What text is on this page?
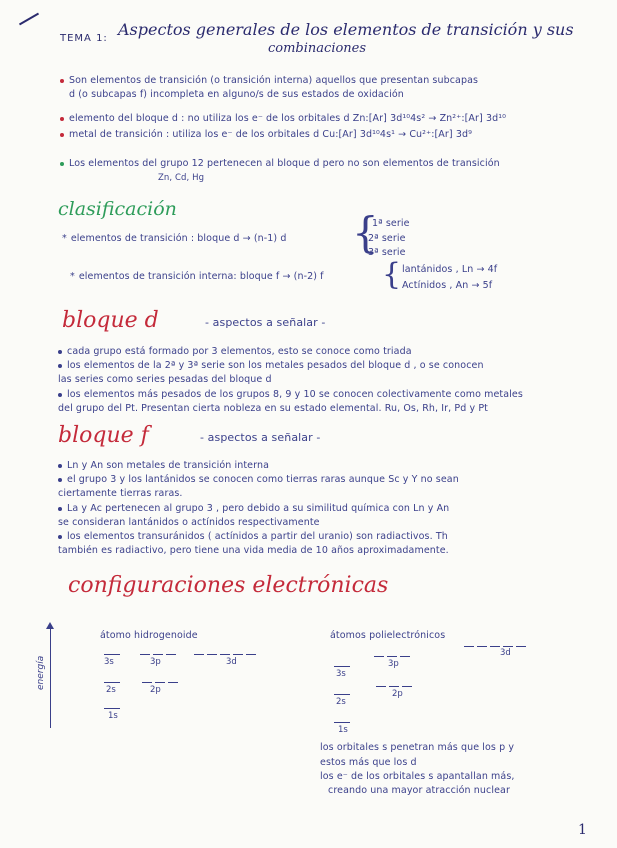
TEMA 1: Aspectos generales de los elementos de transición y sus
combinaciones
Son elementos de transición (o transición interna) aquellos que presentan subcapas
d (o subcapas f) incompleta en alguno/s de sus estados de oxidación
elemento del bloque d : no utiliza los e⁻ de los orbitales d Zn:[Ar] 3d¹⁰4s² → Zn²⁺:[Ar] 3d¹⁰
metal de transición : utiliza los e⁻ de los orbitales d Cu:[Ar] 3d¹⁰4s¹ → Cu²⁺:[Ar] 3d⁹
Los elementos del grupo 12 pertenecen al bloque d pero no son elementos de transición
Zn, Cd, Hg
clasificación
* elementos de transición : bloque d → (n-1) d {
1ª serie
2ª serie
3ª serie
* elementos de transición interna: bloque f → (n-2) f { lantánidos , Ln → 4f
Actínidos , An → 5f
bloque d	- aspectos a señalar -
cada grupo está formado por 3 elementos, esto se conoce como triada
los elementos de la 2ª y 3ª serie son los metales pesados del bloque d , o se conocen
las series como series pesadas del bloque d
los elementos más pesados de los grupos 8, 9 y 10 se conocen colectivamente como metales
del grupo del Pt. Presentan cierta nobleza en su estado elemental. Ru, Os, Rh, Ir, Pd y Pt
bloque f	- aspectos a señalar -
Ln y An son metales de transición interna
el grupo 3 y los lantánidos se conocen como tierras raras aunque Sc y Y no sean
ciertamente tierras raras.
La y Ac pertenecen al grupo 3 , pero debido a su similitud química con Ln y An
se consideran lantánidos o actínidos respectivamente
los elementos transuránidos ( actínidos a partir del uranio) son radiactivos. Th
también es radiactivo, pero tiene una vida media de 10 años aproximadamente.
configuraciones electrónicas
energía
átomo hidrogenoide	átomos polielectrónicos
3s	3p	3d
2s	2p
1s
3d
3p
3s
2p
2s
1s
los orbitales s penetran más que los p y
estos más que los d
los e⁻ de los orbitales s apantallan más,
creando una mayor atracción nuclear
1
